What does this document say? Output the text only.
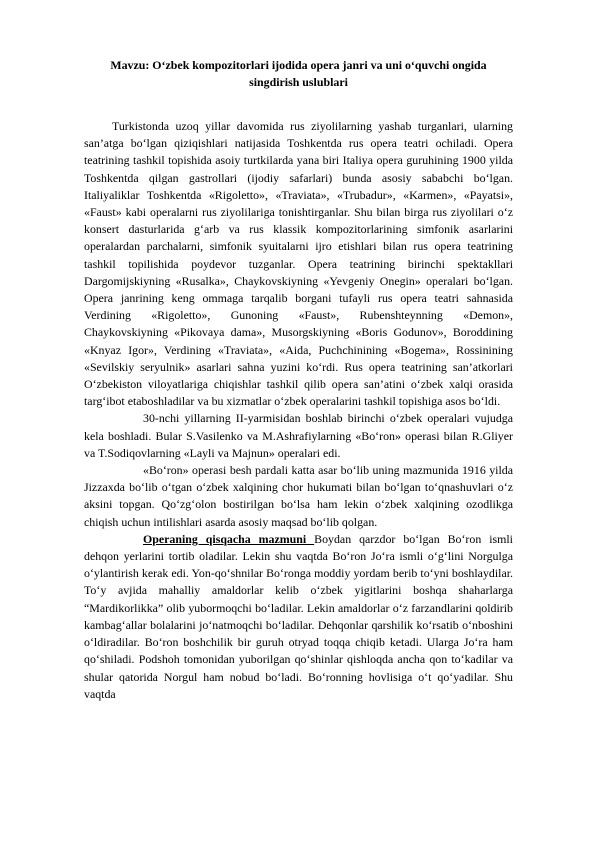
Mavzu: O‘zbek kompozitorlari ijodida opera janri va uni o‘quvchi ongida
singdirish uslublari

Turkistonda uzoq yillar davomida rus ziyolilarning yashab turganlari, ularning san’atga bo‘lgan qiziqishlari natijasida Toshkentda rus opera teatri ochiladi. Opera teatrining tashkil topishida asoiy turtkilarda yana biri Italiya opera guruhining 1900 yilda Toshkentda qilgan gastrollari (ijodiy safarlari) bunda asosiy sababchi bo‘lgan. Italiyaliklar Toshkentda «Rigoletto», «Traviata», «Trubadur», «Karmen», «Payatsi», «Faust» kabi operalarni rus ziyolilariga tonishtirganlar. Shu bilan birga rus ziyolilari o‘z konsert dasturlarida g‘arb va rus klassik kompozitorlarining simfonik asarlarini operalardan parchalarni, simfonik syuitalarni ijro etishlari bilan rus opera teatrining tashkil topilishida poydevor tuzganlar. Opera teatrining birinchi spektakllari Dargomijskiyning «Rusalka», Chaykovskiyning «Yevgeniy Onegin» operalari bo‘lgan. Opera janrining keng ommaga tarqalib borgani tufayli rus opera teatri sahnasida Verdining «Rigoletto», Gunoning «Faust», Rubenshteynning «Demon», Chaykovskiyning «Pikovaya dama», Musorgskiyning «Boris Godunov», Boroddining «Knyaz Igor», Verdining «Traviata», «Aida, Puchchinining «Bogema», Rossinining «Sevilskiy seryulnik» asarlari sahna yuzini ko‘rdi. Rus opera teatrining san’atkorlari O‘zbekiston viloyatlariga chiqishlar tashkil qilib opera san’atini o‘zbek xalqi orasida targ‘ibot etaboshladilar va bu xizmatlar o‘zbek operalarini tashkil topishiga asos bo‘ldi.

30-nchi yillarning II-yarmisidan boshlab birinchi o‘zbek operalari vujudga kela boshladi. Bular S.Vasilenko va M.Ashrafiylarning «Bo‘ron» operasi bilan R.Gliyer va T.Sodiqovlarning «Layli va Majnun» operalari edi.

«Bo‘ron» operasi besh pardali katta asar bo‘lib uning mazmunida 1916 yilda Jizzaxda bo‘lib o‘tgan o‘zbek xalqining chor hukumati bilan bo‘lgan to‘qnashuvlari o‘z aksini topgan. Qo‘zg‘olon bostirilgan bo‘lsa ham lekin o‘zbek xalqining ozodlikga chiqish uchun intilishlari asarda asosiy maqsad bo‘lib qolgan.

Operaning qisqacha mazmuni Boydan qarzdor bo‘lgan Bo‘ron ismli dehqon yerlarini tortib oladilar. Lekin shu vaqtda Bo‘ron Jo‘ra ismli o‘g‘lini Norgulga o‘ylantirish kerak edi. Yon-qo‘shnilar Bo‘ronga moddiy yordam berib to‘yni boshlaydilar. To‘y avjida mahalliy amaldorlar kelib o‘zbek yigitlarini boshqa shaharlarga “Mardikorlikka” olib yubormoqchi bo‘ladilar. Lekin amaldorlar o‘z farzandlarini qoldirib kambag‘allar bolalarini jo‘natmoqchi bo‘ladilar. Dehqonlar qarshilik ko‘rsatib o‘nboshini o‘ldiradilar. Bo‘ron boshchilik bir guruh otryad toqqa chiqib ketadi. Ularga Jo‘ra ham qo‘shiladi. Podshoh tomonidan yuborilgan qo‘shinlar qishloqda ancha qon to‘kadilar va shular qatorida Norgul ham nobud bo‘ladi. Bo‘ronning hovlisiga o‘t qo‘yadilar. Shu vaqtda
